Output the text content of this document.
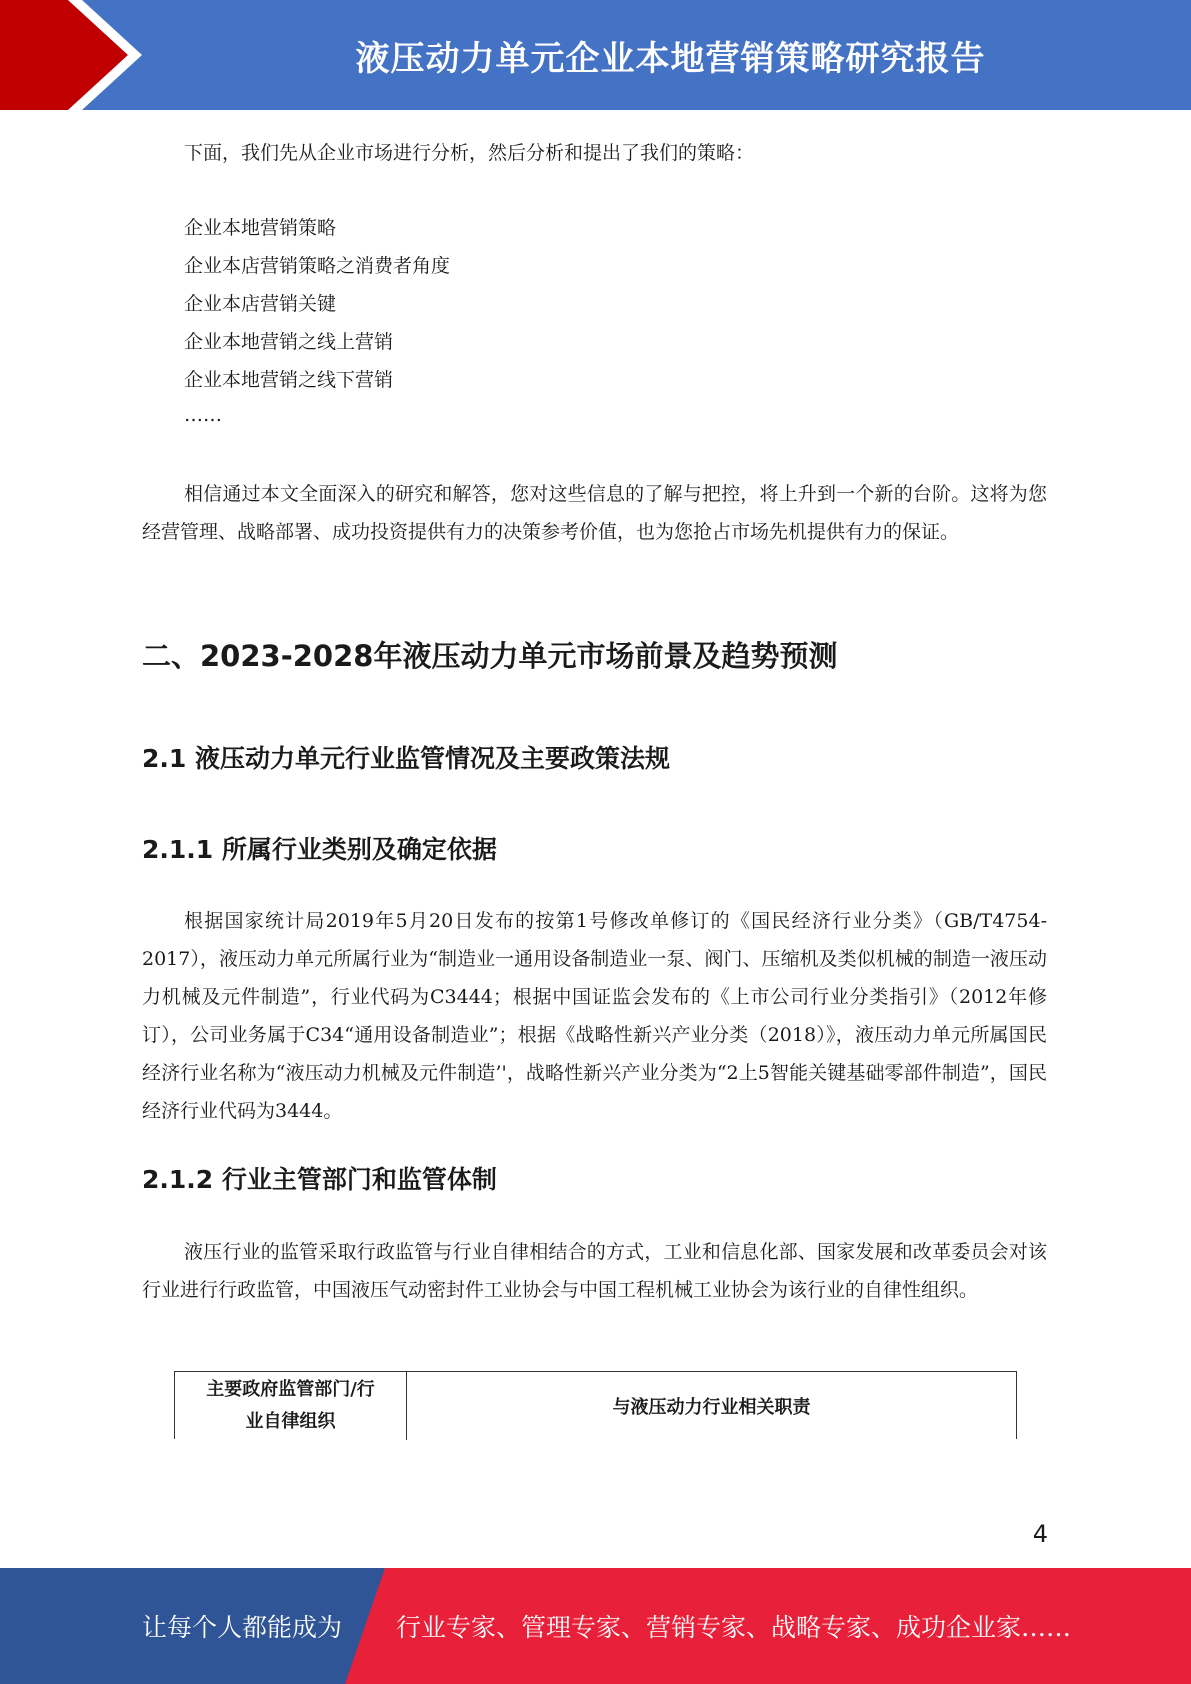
液压动力单元企业本地营销策略研究报告
下面，我们先从企业市场进行分析，然后分析和提出了我们的策略：
企业本地营销策略
企业本店营销策略之消费者角度
企业本店营销关键
企业本地营销之线上营销
企业本地营销之线下营销
……
相信通过本文全面深入的研究和解答，您对这些信息的了解与把控，将上升到一个新的台阶。这将为您经营管理、战略部署、成功投资提供有力的决策参考价值，也为您抢占市场先机提供有力的保证。
二、2023-2028年液压动力单元市场前景及趋势预测
2.1 液压动力单元行业监管情况及主要政策法规
2.1.1 所属行业类别及确定依据
根据国家统计局2019年5月20日发布的按第1号修改单修订的《国民经济行业分类》（GB/T4754-2017），液压动力单元所属行业为“制造业一通用设备制造业一泵、阀门、压缩机及类似机械的制造一液压动力机械及元件制造”，行业代码为C3444；根据中国证监会发布的《上市公司行业分类指引》（2012年修订），公司业务属于C34“通用设备制造业”；根据《战略性新兴产业分类（2018）》，液压动力单元所属国民经济行业名称为“液压动力机械及元件制造’'，战略性新兴产业分类为“2上5智能关键基础零部件制造”，国民经济行业代码为3444。
2.1.2 行业主管部门和监管体制
液压行业的监管采取行政监管与行业自律相结合的方式，工业和信息化部、国家发展和改革委员会对该行业进行行政监管，中国液压气动密封件工业协会与中国工程机械工业协会为该行业的自律性组织。
主要政府监管部门/行业自律组织
与液压动力行业相关职责
4
让每个人都能成为 行业专家、管理专家、营销专家、战略专家、成功企业家……
